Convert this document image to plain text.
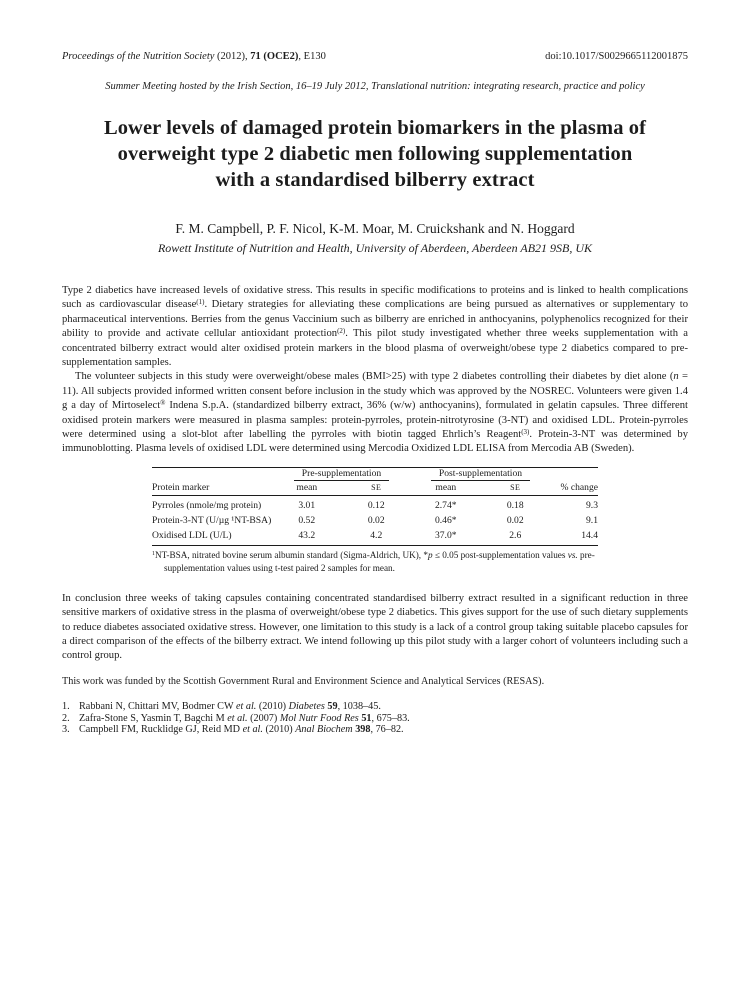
Proceedings of the Nutrition Society (2012), 71 (OCE2), E130	doi:10.1017/S0029665112001875
Summer Meeting hosted by the Irish Section, 16–19 July 2012, Translational nutrition: integrating research, practice and policy
Lower levels of damaged protein biomarkers in the plasma of
overweight type 2 diabetic men following supplementation
with a standardised bilberry extract
F. M. Campbell, P. F. Nicol, K-M. Moar, M. Cruickshank and N. Hoggard
Rowett Institute of Nutrition and Health, University of Aberdeen, Aberdeen AB21 9SB, UK

Type 2 diabetics have increased levels of oxidative stress. This results in specific modifications to proteins and is linked to health complications such as cardiovascular disease$^{(1)}$. Dietary strategies for alleviating these complications are being pursued as alternatives or supplementary to pharmaceutical interventions. Berries from the genus Vaccinium such as bilberry are enriched in anthocyanins, polyphenolics recognized for their ability to provide and activate cellular antioxidant protection$^{(2)}$. This pilot study investigated whether three weeks supplementation with a concentrated bilberry extract would alter oxidised protein markers in the blood plasma of overweight/obese type 2 diabetics compared to pre-supplementation samples.

The volunteer subjects in this study were overweight/obese males (BMI>25) with type 2 diabetes controlling their diabetes by diet alone (n = 11). All subjects provided informed written consent before inclusion in the study which was approved by the NOSREC. Volunteers were given 1.4 g a day of Mirtoselect® Indena S.p.A. (standardized bilberry extract, 36% (w/w) anthocyanins), formulated in gelatin capsules. Three different oxidised protein markers were measured in plasma samples: protein-pyrroles, protein-nitrotyrosine (3-NT) and oxidised LDL. Protein-pyrroles were determined using a slot-blot after labelling the pyrroles with biotin tagged Ehrlich’s Reagent$^{(3)}$. Protein-3-NT was determined by immunoblotting. Plasma levels of oxidised LDL were determined using Mercodia Oxidized LDL ELISA from Mercodia AB (Sweden).

	Pre-supplementation		Post-supplementation		
Protein marker	mean	SE	mean	SE	% change
Pyrroles (nmole/mg protein)	3.01	0.12	2.74*	0.18	9.3
Protein-3-NT (U/µg ¹NT-BSA)	0.52	0.02	0.46*	0.02	9.1
Oxidised LDL (U/L)	43.2	4.2	37.0*	2.6	14.4
$^1$NT-BSA, nitrated bovine serum albumin standard (Sigma-Aldrich, UK), *p ≤ 0.05 post-supplementation values vs. pre-supplementation values using t-test paired 2 samples for mean.

In conclusion three weeks of taking capsules containing concentrated standardised bilberry extract resulted in a significant reduction in three sensitive markers of oxidative stress in the plasma of overweight/obese type 2 diabetics. This gives support for the use of such dietary supplements to reduce diabetes associated oxidative stress. However, one limitation to this study is a lack of a control group taking suitable placebo capsules for a direct comparison of the effects of the bilberry extract. We intend following up this pilot study with a larger cohort of volunteers including such a control group.

This work was funded by the Scottish Government Rural and Environment Science and Analytical Services (RESAS).

1. Rabbani N, Chittari MV, Bodmer CW et al. (2010) Diabetes 59, 1038–45.
2. Zafra-Stone S, Yasmin T, Bagchi M et al. (2007) Mol Nutr Food Res 51, 675–83.
3. Campbell FM, Rucklidge GJ, Reid MD et al. (2010) Anal Biochem 398, 76–82.
